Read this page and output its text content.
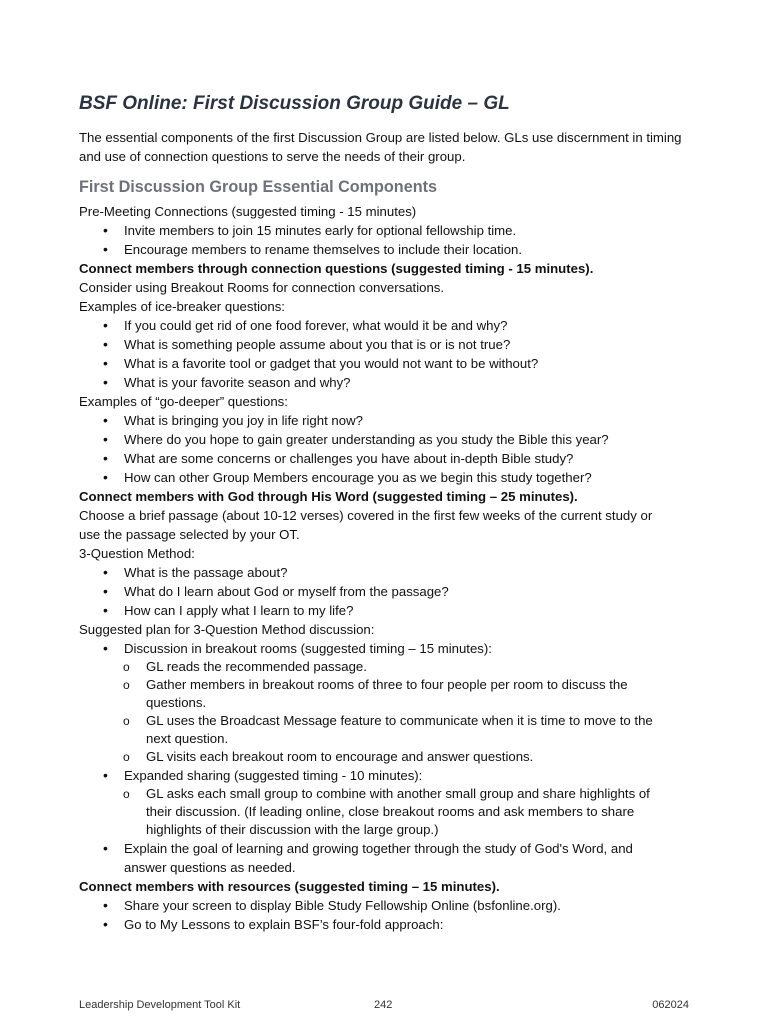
BSF Online: First Discussion Group Guide – GL

The essential components of the first Discussion Group are listed below. GLs use discernment in timing and use of connection questions to serve the needs of their group.

First Discussion Group Essential Components

Pre-Meeting Connections (suggested timing - 15 minutes)

• Invite members to join 15 minutes early for optional fellowship time.
• Encourage members to rename themselves to include their location.

Connect members through connection questions (suggested timing - 15 minutes).

Consider using Breakout Rooms for connection conversations.

Examples of ice-breaker questions:

• If you could get rid of one food forever, what would it be and why?
• What is something people assume about you that is or is not true?
• What is a favorite tool or gadget that you would not want to be without?
• What is your favorite season and why?

Examples of “go-deeper” questions:

• What is bringing you joy in life right now?
• Where do you hope to gain greater understanding as you study the Bible this year?
• What are some concerns or challenges you have about in-depth Bible study?
• How can other Group Members encourage you as we begin this study together?

Connect members with God through His Word (suggested timing – 25 minutes).

Choose a brief passage (about 10-12 verses) covered in the first few weeks of the current study or

use the passage selected by your OT.

3-Question Method:

• What is the passage about?
• What do I learn about God or myself from the passage?
• How can I apply what I learn to my life?

Suggested plan for 3-Question Method discussion:

• Discussion in breakout rooms (suggested timing – 15 minutes):
o GL reads the recommended passage.
o Gather members in breakout rooms of three to four people per room to discuss the
questions.
o GL uses the Broadcast Message feature to communicate when it is time to move to the
next question.
o GL visits each breakout room to encourage and answer questions.
• Expanded sharing (suggested timing - 10 minutes):
o GL asks each small group to combine with another small group and share highlights of
their discussion. (If leading online, close breakout rooms and ask members to share
highlights of their discussion with the large group.)
• Explain the goal of learning and growing together through the study of God's Word, and
answer questions as needed.

Connect members with resources (suggested timing – 15 minutes).

• Share your screen to display Bible Study Fellowship Online (bsfonline.org).
• Go to My Lessons to explain BSF’s four-fold approach:
Leadership Development Tool Kit	242	062024
